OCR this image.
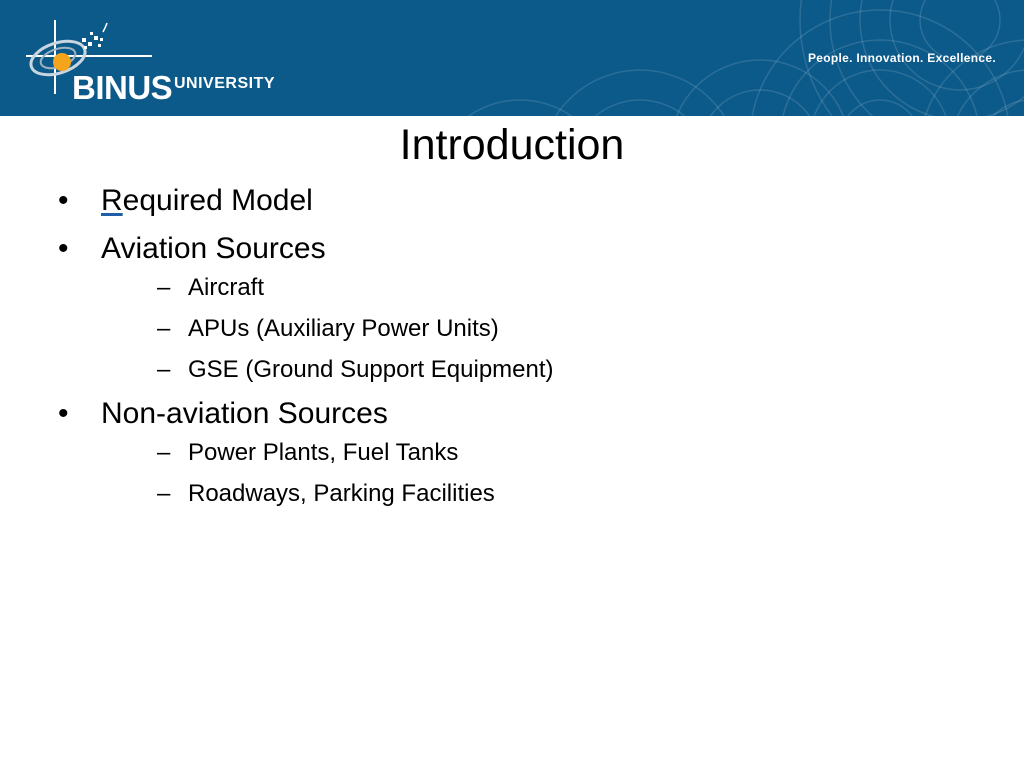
BINUS UNIVERSITY
People. Innovation. Excellence.
Introduction
• Required Model
• Aviation Sources
– Aircraft
– APUs (Auxiliary Power Units)
– GSE (Ground Support Equipment)
• Non-aviation Sources
– Power Plants, Fuel Tanks
– Roadways, Parking Facilities
